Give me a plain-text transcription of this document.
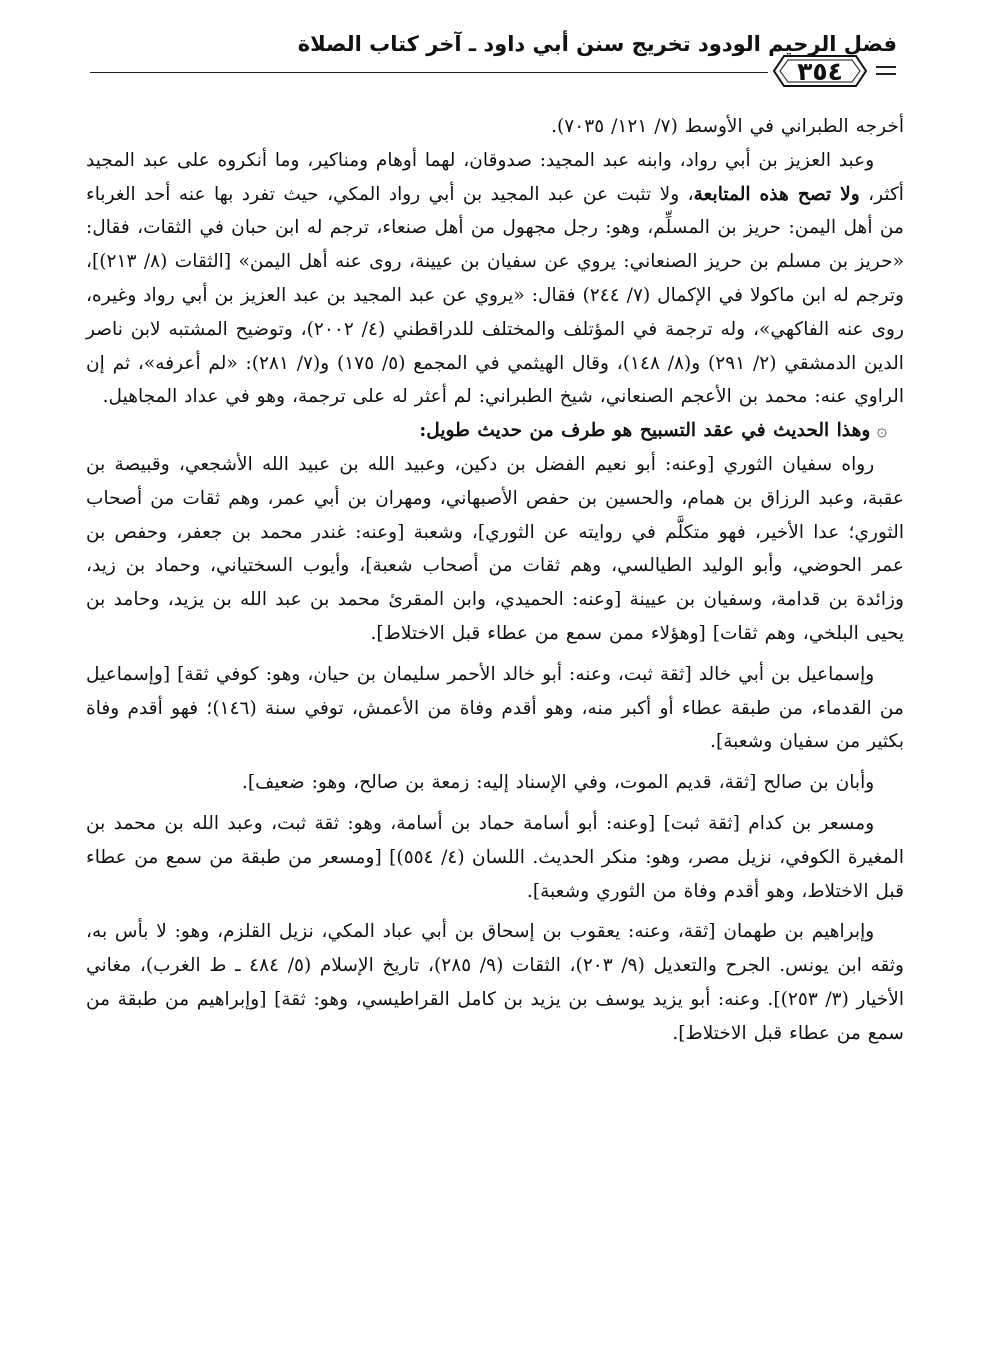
فضل الرحيم الودود تخريج سنن أبي داود ـ آخر كتاب الصلاة
٣٥٤

أخرجه الطبراني في الأوسط (٧/ ١٢١/ ٧٠٣٥).

وعبد العزيز بن أبي رواد، وابنه عبد المجيد: صدوقان، لهما أوهام ومناكير، وما أنكروه على عبد المجيد أكثر، ولا تصح هذه المتابعة، ولا تثبت عن عبد المجيد بن أبي رواد المكي، حيث تفرد بها عنه أحد الغرباء من أهل اليمن: حريز بن المسلِّم، وهو: رجل مجهول من أهل صنعاء، ترجم له ابن حبان في الثقات، فقال: «حريز بن مسلم بن حريز الصنعاني: يروي عن سفيان بن عيينة، روى عنه أهل اليمن» [الثقات (٨/ ٢١٣)]، وترجم له ابن ماكولا في الإكمال (٧/ ٢٤٤) فقال: «يروي عن عبد المجيد بن عبد العزيز بن أبي رواد وغيره، روى عنه الفاكهي»، وله ترجمة في المؤتلف والمختلف للدراقطني (٤/ ٢٠٠٢)، وتوضيح المشتبه لابن ناصر الدين الدمشقي (٢/ ٢٩١) و(٨/ ١٤٨)، وقال الهيثمي في المجمع (٥/ ١٧٥) و(٧/ ٢٨١): «لم أعرفه»، ثم إن الراوي عنه: محمد بن الأعجم الصنعاني، شيخ الطبراني: لم أعثر له على ترجمة، وهو في عداد المجاهيل.

۞وهذا الحديث في عقد التسبيح هو طرف من حديث طويل:

رواه سفيان الثوري [وعنه: أبو نعيم الفضل بن دكين، وعبيد الله بن عبيد الله الأشجعي، وقبيصة بن عقبة، وعبد الرزاق بن همام، والحسين بن حفص الأصبهاني، ومهران بن أبي عمر، وهم ثقات من أصحاب الثوري؛ عدا الأخير، فهو متكلَّم في روايته عن الثوري]، وشعبة [وعنه: غندر محمد بن جعفر، وحفص بن عمر الحوضي، وأبو الوليد الطيالسي، وهم ثقات من أصحاب شعبة]، وأيوب السختياني، وحماد بن زيد، وزائدة بن قدامة، وسفيان بن عيينة [وعنه: الحميدي، وابن المقرئ محمد بن عبد الله بن يزيد، وحامد بن يحيى البلخي، وهم ثقات] [وهؤلاء ممن سمع من عطاء قبل الاختلاط].

وإسماعيل بن أبي خالد [ثقة ثبت، وعنه: أبو خالد الأحمر سليمان بن حيان، وهو: كوفي ثقة] [وإسماعيل من القدماء، من طبقة عطاء أو أكبر منه، وهو أقدم وفاة من الأعمش، توفي سنة (١٤٦)؛ فهو أقدم وفاة بكثير من سفيان وشعبة].

وأبان بن صالح [ثقة، قديم الموت، وفي الإسناد إليه: زمعة بن صالح، وهو: ضعيف].

ومسعر بن كدام [ثقة ثبت] [وعنه: أبو أسامة حماد بن أسامة، وهو: ثقة ثبت، وعبد الله بن محمد بن المغيرة الكوفي، نزيل مصر، وهو: منكر الحديث. اللسان (٤/ ٥٥٤)] [ومسعر من طبقة من سمع من عطاء قبل الاختلاط، وهو أقدم وفاة من الثوري وشعبة].

وإبراهيم بن طهمان [ثقة، وعنه: يعقوب بن إسحاق بن أبي عباد المكي، نزيل القلزم، وهو: لا بأس به، وثقه ابن يونس. الجرح والتعديل (٩/ ٢٠٣)، الثقات (٩/ ٢٨٥)، تاريخ الإسلام (٥/ ٤٨٤ ـ ط الغرب)، مغاني الأخيار (٣/ ٢٥٣)]. وعنه: أبو يزيد يوسف بن يزيد بن كامل القراطيسي، وهو: ثقة] [وإبراهيم من طبقة من سمع من عطاء قبل الاختلاط].
